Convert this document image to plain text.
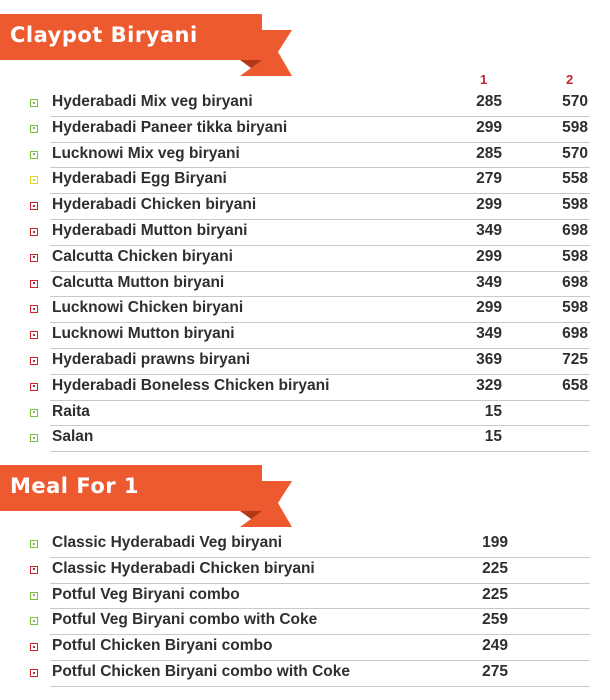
Claypot Biryani
1	2
Hyderabadi Mix veg biryani	285	570
Hyderabadi Paneer tikka biryani	299	598
Lucknowi Mix veg biryani	285	570
Hyderabadi Egg Biryani	279	558
Hyderabadi Chicken biryani	299	598
Hyderabadi Mutton biryani	349	698
Calcutta Chicken biryani	299	598
Calcutta Mutton biryani	349	698
Lucknowi Chicken biryani	299	598
Lucknowi Mutton biryani	349	698
Hyderabadi prawns biryani	369	725
Hyderabadi Boneless Chicken biryani	329	658
Raita	15
Salan	15
Meal For 1
Classic Hyderabadi Veg biryani	199
Classic Hyderabadi Chicken biryani	225
Potful Veg Biryani combo	225
Potful Veg Biryani combo with Coke	259
Potful Chicken Biryani combo	249
Potful Chicken Biryani combo with Coke	275
